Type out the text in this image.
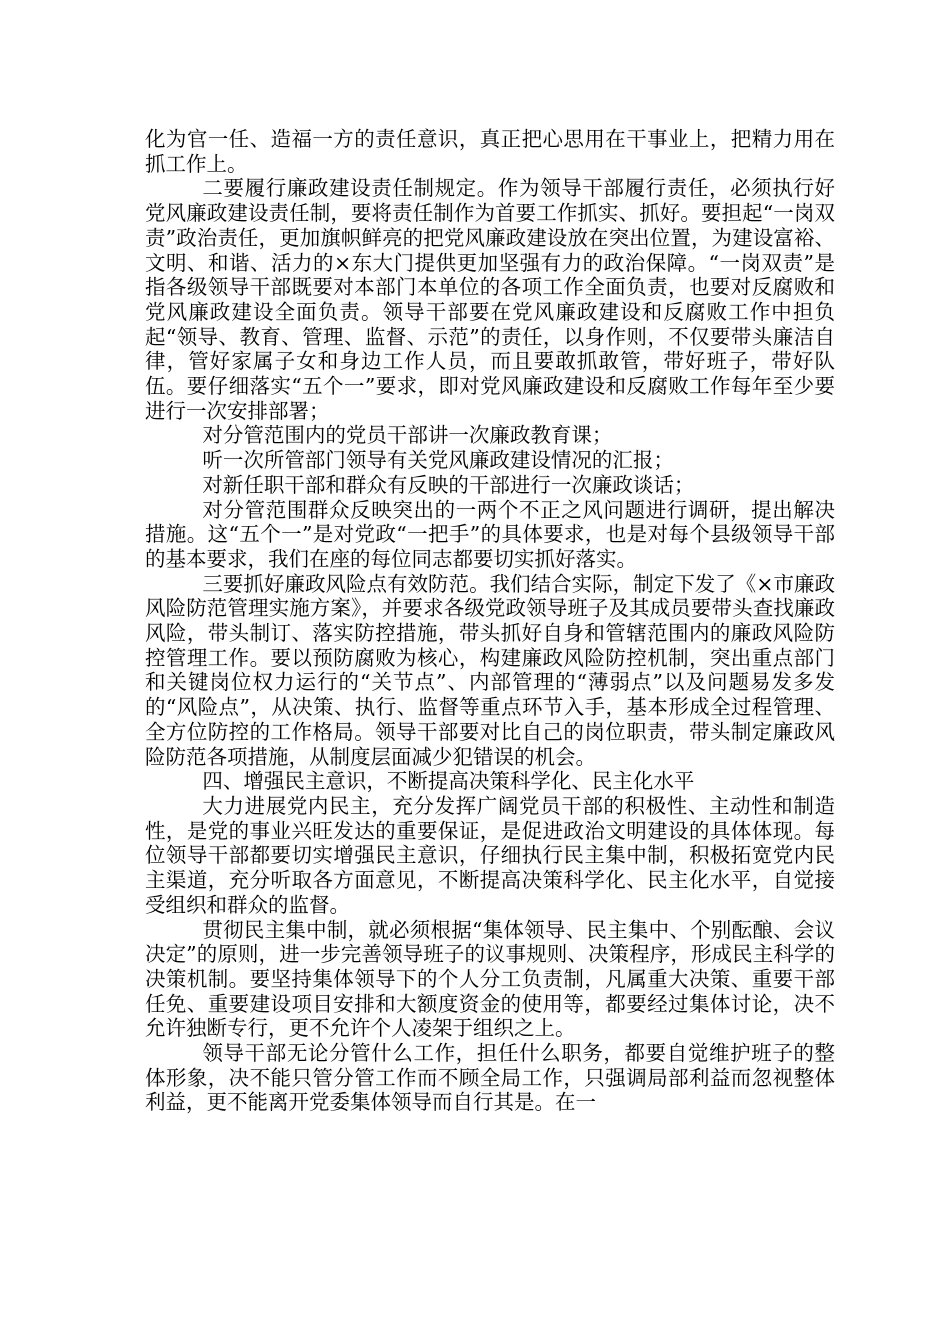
化为官一任、造福一方的责任意识，真正把心思用在干事业上，把精力用在抓工作上。

二要履行廉政建设责任制规定。作为领导干部履行责任，必须执行好党风廉政建设责任制，要将责任制作为首要工作抓实、抓好。要担起“一岗双责”政治责任，更加旗帜鲜亮的把党风廉政建设放在突出位置，为建设富裕、文明、和谐、活力的×东大门提供更加坚强有力的政治保障。“一岗双责”是指各级领导干部既要对本部门本单位的各项工作全面负责，也要对反腐败和党风廉政建设全面负责。领导干部要在党风廉政建设和反腐败工作中担负起“领导、教育、管理、监督、示范”的责任，以身作则，不仅要带头廉洁自律，管好家属子女和身边工作人员，而且要敢抓敢管，带好班子，带好队伍。要仔细落实“五个一”要求，即对党风廉政建设和反腐败工作每年至少要进行一次安排部署；

对分管范围内的党员干部讲一次廉政教育课；

听一次所管部门领导有关党风廉政建设情况的汇报；

对新任职干部和群众有反映的干部进行一次廉政谈话；

对分管范围群众反映突出的一两个不正之风问题进行调研，提出解决措施。这“五个一”是对党政“一把手”的具体要求，也是对每个县级领导干部的基本要求，我们在座的每位同志都要切实抓好落实。

三要抓好廉政风险点有效防范。我们结合实际，制定下发了《×市廉政风险防范管理实施方案》，并要求各级党政领导班子及其成员要带头查找廉政风险，带头制订、落实防控措施，带头抓好自身和管辖范围内的廉政风险防控管理工作。要以预防腐败为核心，构建廉政风险防控机制，突出重点部门和关键岗位权力运行的“关节点”、内部管理的“薄弱点”以及问题易发多发的“风险点”，从决策、执行、监督等重点环节入手，基本形成全过程管理、全方位防控的工作格局。领导干部要对比自己的岗位职责，带头制定廉政风险防范各项措施，从制度层面减少犯错误的机会。

四、增强民主意识，不断提高决策科学化、民主化水平

大力进展党内民主，充分发挥广阔党员干部的积极性、主动性和制造性，是党的事业兴旺发达的重要保证，是促进政治文明建设的具体体现。每位领导干部都要切实增强民主意识，仔细执行民主集中制，积极拓宽党内民主渠道，充分听取各方面意见，不断提高决策科学化、民主化水平，自觉接受组织和群众的监督。

贯彻民主集中制，就必须根据“集体领导、民主集中、个别酝酿、会议决定”的原则，进一步完善领导班子的议事规则、决策程序，形成民主科学的决策机制。要坚持集体领导下的个人分工负责制，凡属重大决策、重要干部任免、重要建设项目安排和大额度资金的使用等，都要经过集体讨论，决不允许独断专行，更不允许个人凌架于组织之上。

领导干部无论分管什么工作，担任什么职务，都要自觉维护班子的整体形象，决不能只管分管工作而不顾全局工作，只强调局部利益而忽视整体利益，更不能离开党委集体领导而自行其是。在一
